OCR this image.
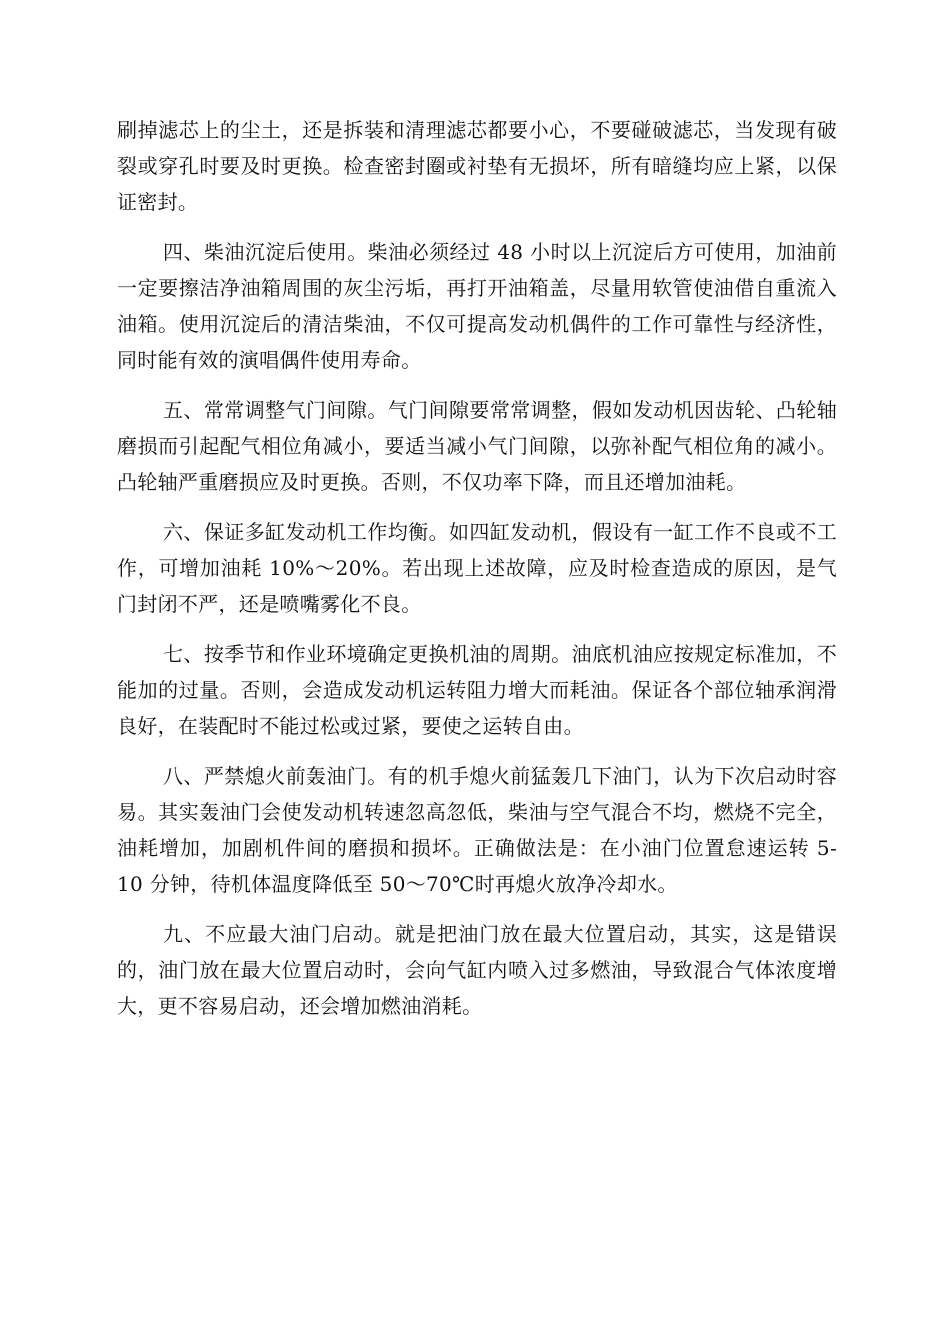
刷掉滤芯上的尘土，还是拆装和清理滤芯都要小心，不要碰破滤芯，当发现有破裂或穿孔时要及时更换。检查密封圈或衬垫有无损坏，所有暗缝均应上紧，以保证密封。

四、柴油沉淀后使用。柴油必须经过 48 小时以上沉淀后方可使用，加油前一定要擦洁净油箱周围的灰尘污垢，再打开油箱盖，尽量用软管使油借自重流入油箱。使用沉淀后的清洁柴油，不仅可提高发动机偶件的工作可靠性与经济性，同时能有效的演唱偶件使用寿命。

五、常常调整气门间隙。气门间隙要常常调整，假如发动机因齿轮、凸轮轴磨损而引起配气相位角减小，要适当减小气门间隙，以弥补配气相位角的减小。凸轮轴严重磨损应及时更换。否则，不仅功率下降，而且还增加油耗。

六、保证多缸发动机工作均衡。如四缸发动机，假设有一缸工作不良或不工作，可增加油耗 10%～20%。若出现上述故障，应及时检查造成的原因，是气门封闭不严，还是喷嘴雾化不良。

七、按季节和作业环境确定更换机油的周期。油底机油应按规定标准加，不能加的过量。否则，会造成发动机运转阻力增大而耗油。保证各个部位轴承润滑良好，在装配时不能过松或过紧，要使之运转自由。

八、严禁熄火前轰油门。有的机手熄火前猛轰几下油门，认为下次启动时容易。其实轰油门会使发动机转速忽高忽低，柴油与空气混合不均，燃烧不完全，油耗增加，加剧机件间的磨损和损坏。正确做法是：在小油门位置怠速运转 5-10 分钟，待机体温度降低至 50～70℃时再熄火放净冷却水。

九、不应最大油门启动。就是把油门放在最大位置启动，其实，这是错误的，油门放在最大位置启动时，会向气缸内喷入过多燃油，导致混合气体浓度增大，更不容易启动，还会增加燃油消耗。
